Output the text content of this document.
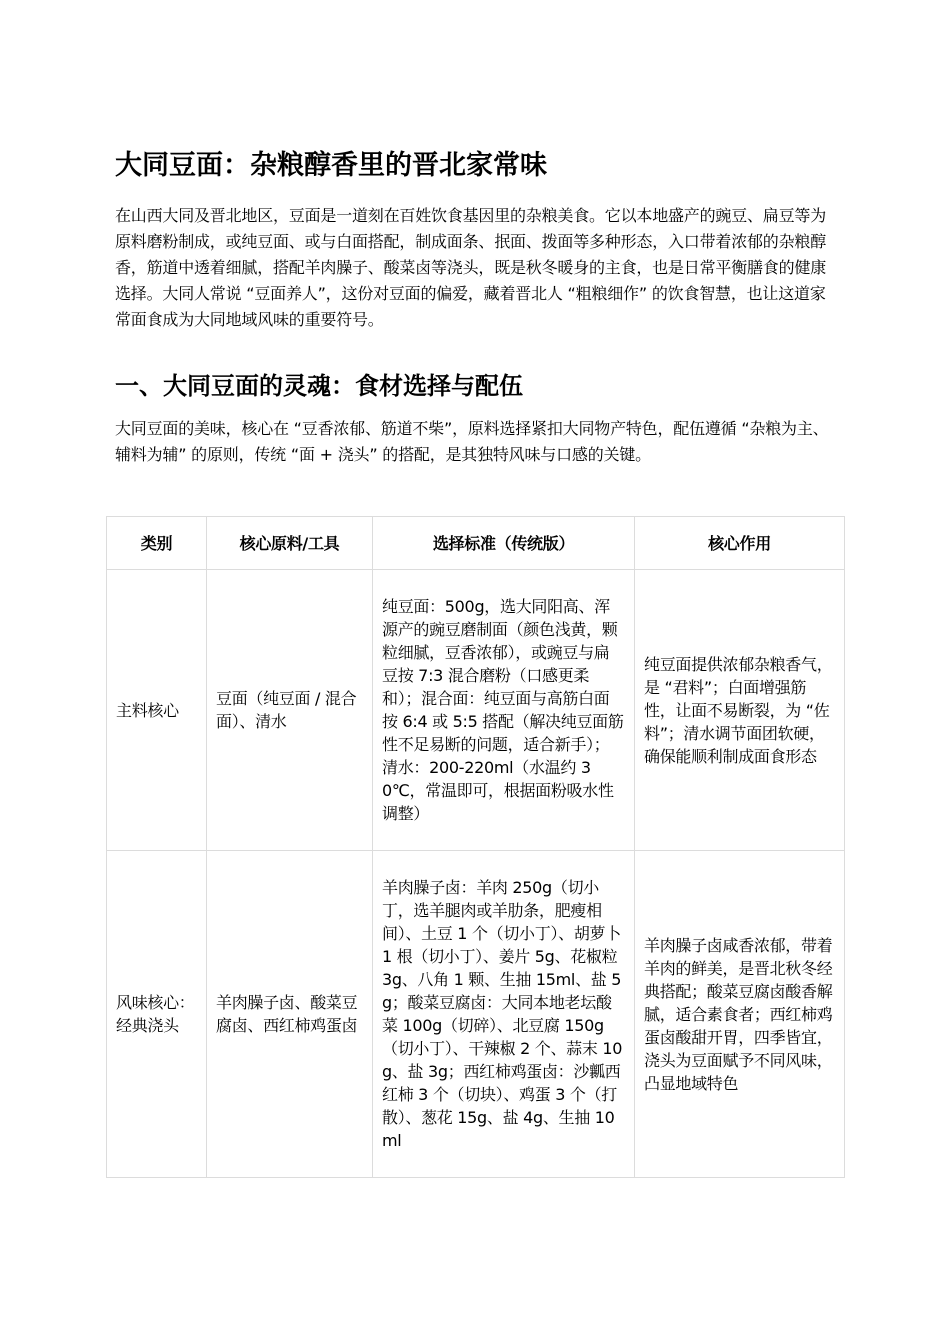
大同豆面：杂粮醇香里的晋北家常味

在山西大同及晋北地区，豆面是一道刻在百姓饮食基因里的杂粮美食。它以本地盛产的豌豆、扁豆等为原料磨粉制成，或纯豆面、或与白面搭配，制成面条、抿面、拨面等多种形态，入口带着浓郁的杂粮醇香，筋道中透着细腻，搭配羊肉臊子、酸菜卤等浇头，既是秋冬暖身的主食，也是日常平衡膳食的健康选择。大同人常说 “豆面养人”，这份对豆面的偏爱，藏着晋北人 “粗粮细作” 的饮食智慧，也让这道家常面食成为大同地域风味的重要符号。

一、大同豆面的灵魂：食材选择与配伍

大同豆面的美味，核心在 “豆香浓郁、筋道不柴”，原料选择紧扣大同物产特色，配伍遵循 “杂粮为主、辅料为辅” 的原则，传统 “面 + 浇头” 的搭配，是其独特风味与口感的关键。

类别	核心原料/工具	选择标准（传统版）	核心作用
主料核心	豆面（纯豆面 / 混合面）、清水	纯豆面：500g，选大同阳高、浑源产的豌豆磨制面（颜色浅黄，颗粒细腻，豆香浓郁），或豌豆与扁豆按 7:3 混合磨粉（口感更柔和）；混合面：纯豆面与高筋白面按 6:4 或 5:5 搭配（解决纯豆面筋性不足易断的问题，适合新手）；清水：200-220ml（水温约 30℃，常温即可，根据面粉吸水性调整）	纯豆面提供浓郁杂粮香气，是 “君料”；白面增强筋性，让面不易断裂，为 “佐料”；清水调节面团软硬，确保能顺利制成面食形态
风味核心：经典浇头	羊肉臊子卤、酸菜豆腐卤、西红柿鸡蛋卤	羊肉臊子卤：羊肉 250g（切小丁，选羊腿肉或羊肋条，肥瘦相间）、土豆 1 个（切小丁）、胡萝卜 1 根（切小丁）、姜片 5g、花椒粒 3g、八角 1 颗、生抽 15ml、盐 5g；酸菜豆腐卤：大同本地老坛酸菜 100g（切碎）、北豆腐 150g（切小丁）、干辣椒 2 个、蒜末 10g、盐 3g；西红柿鸡蛋卤：沙瓤西红柿 3 个（切块）、鸡蛋 3 个（打散）、葱花 15g、盐 4g、生抽 10ml	羊肉臊子卤咸香浓郁，带着羊肉的鲜美，是晋北秋冬经典搭配；酸菜豆腐卤酸香解腻，适合素食者；西红柿鸡蛋卤酸甜开胃，四季皆宜，浇头为豆面赋予不同风味，凸显地域特色
